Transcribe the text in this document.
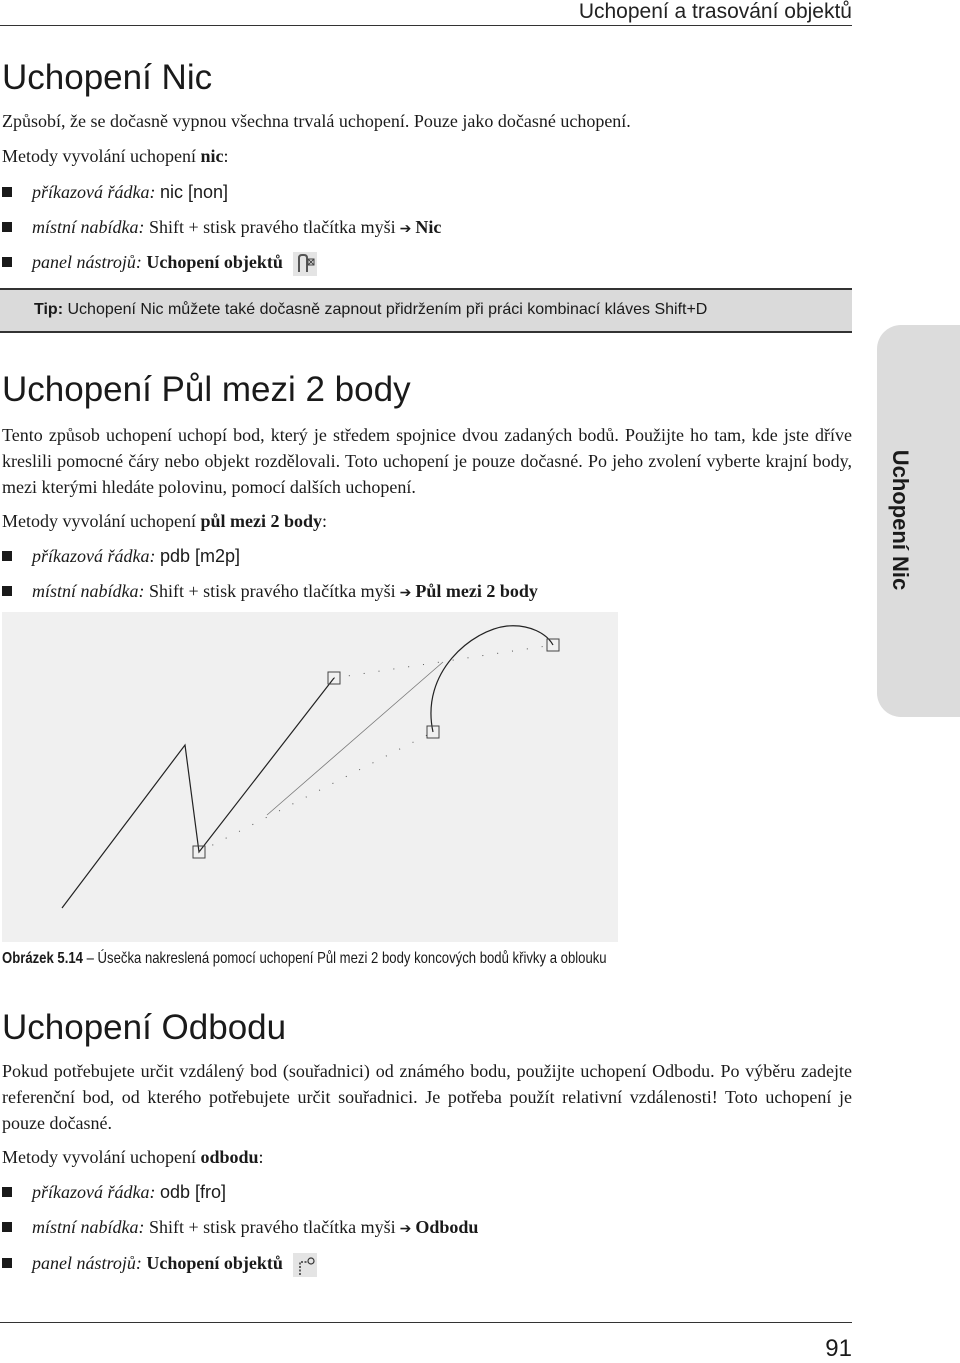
Uchopení a trasování objektů
Uchopení Nic
Uchopení Nic

Způsobí, že se dočasně vypnou všechna trvalá uchopení. Pouze jako dočasné uchopení.

Metody vyvolání uchopení nic:

příkazová řádka: nic [non]
místní nabídka: Shift + stisk pravého tlačítka myši ➔ Nic
panel nástrojů: Uchopení objektů
Tip: Uchopení Nic můžete také dočasně zapnout přidržením při práci kombinací kláves Shift+D
Uchopení Půl mezi 2 body

Tento způsob uchopení uchopí bod, který je středem spojnice dvou zadaných bodů. Použijte ho tam, kde jste dříve kreslili pomocné čáry nebo objekt rozdělovali. Toto uchopení je pouze dočasné. Po jeho zvolení vyberte krajní body, mezi kterými hledáte polovinu, pomocí dalších uchopení.

Metody vyvolání uchopení půl mezi 2 body:

příkazová řádka: pdb [m2p]
místní nabídka: Shift + stisk pravého tlačítka myši ➔ Půl mezi 2 body
Obrázek 5.14 – Úsečka nakreslená pomocí uchopení Půl mezi 2 body koncových bodů křivky a oblouku
Uchopení Odbodu

Pokud potřebujete určit vzdálený bod (souřadnici) od známého bodu, použijte uchopení Odbodu. Po výběru zadejte referenční bod, od kterého potřebujete určit souřadnici. Je potřeba použít relativní vzdálenosti! Toto uchopení je pouze dočasné.

Metody vyvolání uchopení odbodu:

příkazová řádka: odb [fro]
místní nabídka: Shift + stisk pravého tlačítka myši ➔ Odbodu
panel nástrojů: Uchopení objektů
91
